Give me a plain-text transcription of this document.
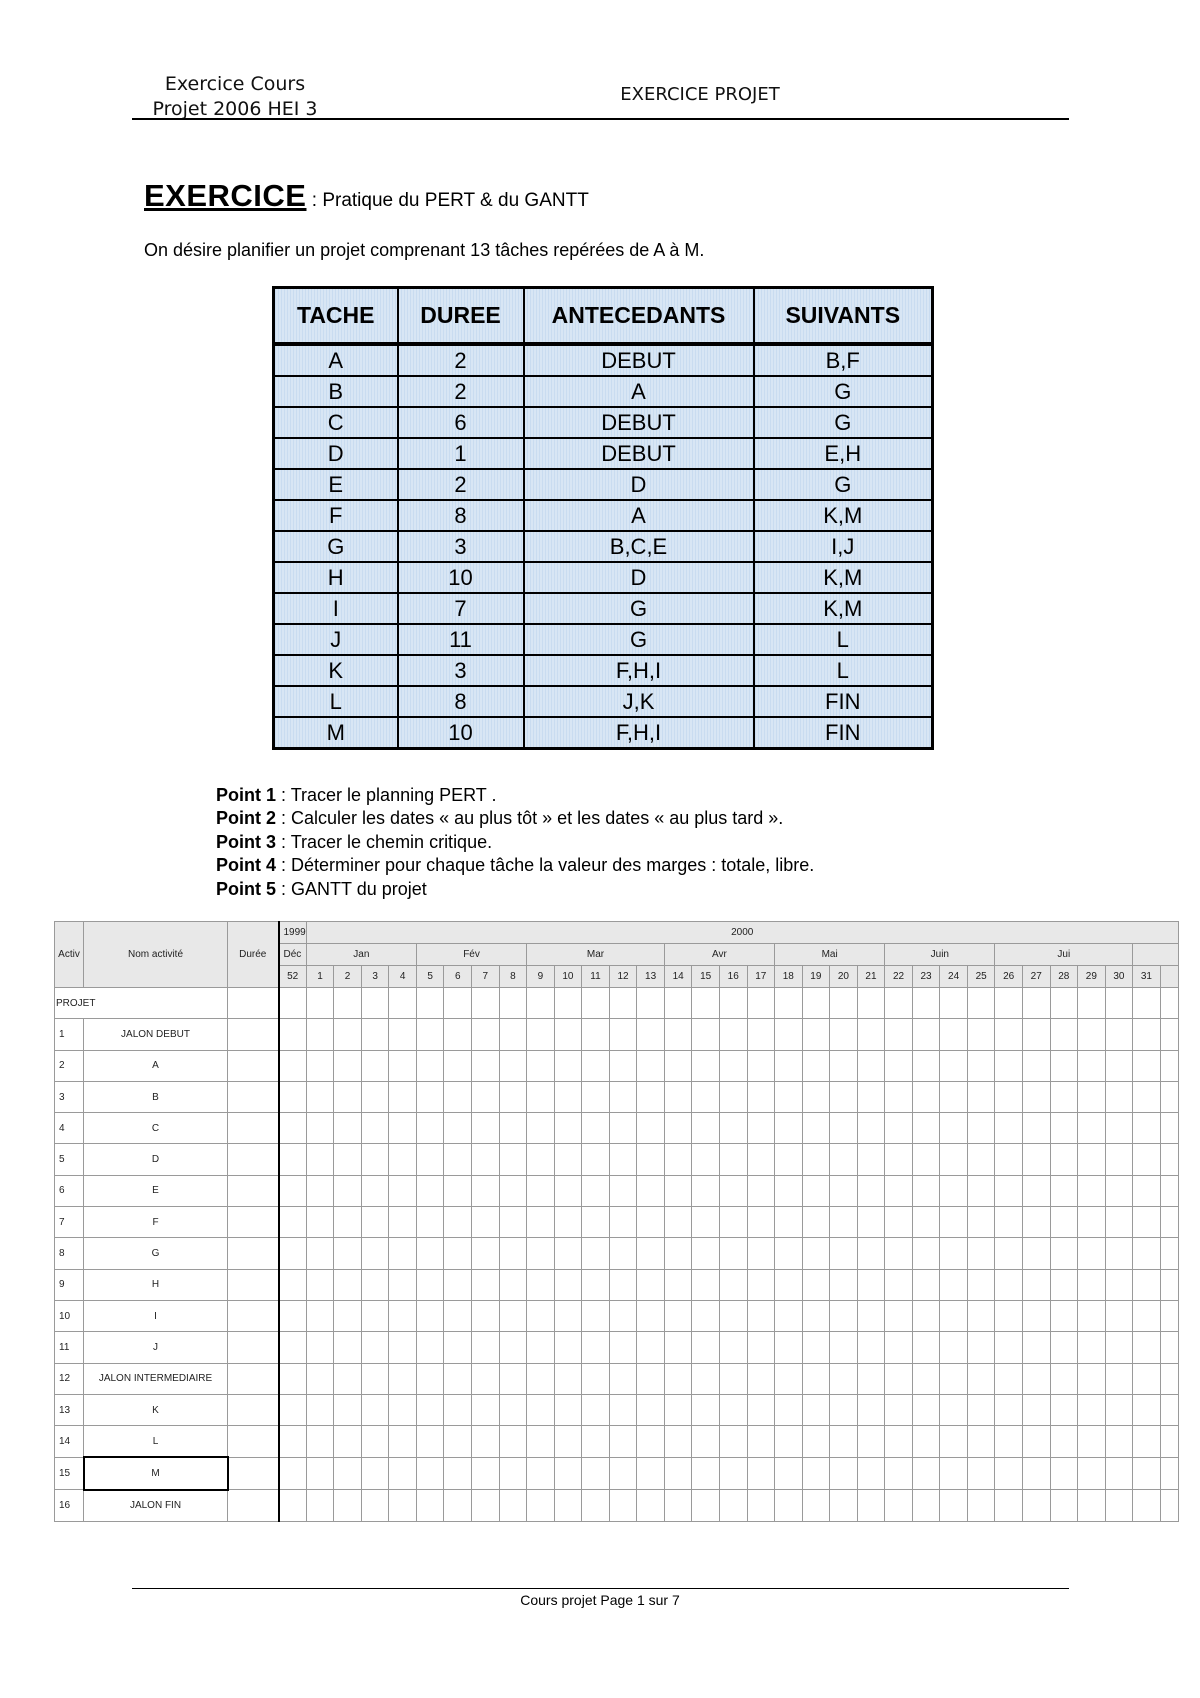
Exercice Cours
Projet 2006 HEI 3
EXERCICE PROJET
EXERCICE : Pratique du PERT & du GANTT
On désire planifier un projet comprenant 13 tâches repérées de A à M.
TACHE	DUREE	ANTECEDANTS	SUIVANTS
A	2	DEBUT	B,F
B	2	A	G
C	6	DEBUT	G
D	1	DEBUT	E,H
E	2	D	G
F	8	A	K,M
G	3	B,C,E	I,J
H	10	D	K,M
I	7	G	K,M
J	11	G	L
K	3	F,H,I	L
L	8	J,K	FIN
M	10	F,H,I	FIN
Point 1 : Tracer le planning PERT .
Point 2 : Calculer les dates « au plus tôt » et les dates « au plus tard ».
Point 3 : Tracer le chemin critique.
Point 4 : Déterminer pour chaque tâche la valeur des marges : totale, libre.
Point 5 : GANTT du projet
Activ	Nom activité	Durée	1999	2000																															
			Déc	Jan				Fév				Mar					Avr				Mai				Juin				Jui						
			52	1	2	3	4	5	6	7	8	9	10	11	12	13	14	15	16	17	18	19	20	21	22	23	24	25	26	27	28	29	30	31	
PROJET																																			
1	JALON DEBUT																																		
2	A																																		
3	B																																		
4	C																																		
5	D																																		
6	E																																		
7	F																																		
8	G																																		
9	H																																		
10	I																																		
11	J																																		
12	JALON INTERMEDIAIRE																																		
13	K																																		
14	L																																		
15	M																																		
16	JALON FIN																																		
Cours projet Page 1 sur 7
